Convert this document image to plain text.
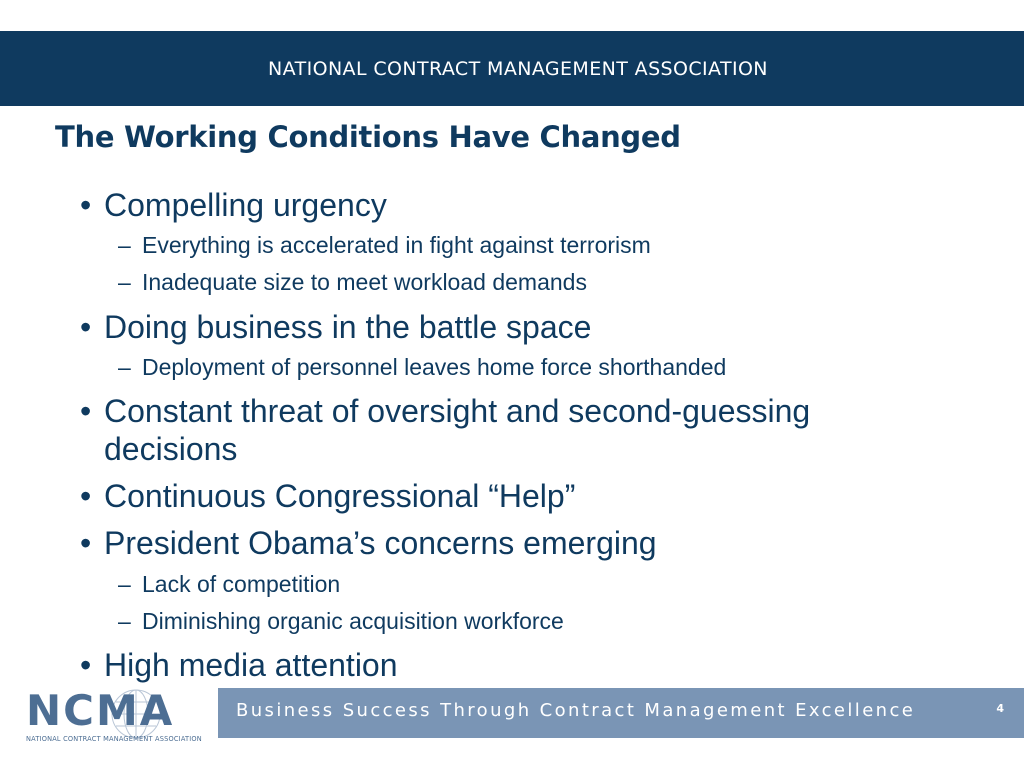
NATIONAL CONTRACT MANAGEMENT ASSOCIATION
The Working Conditions Have Changed
• Compelling urgency
– Everything is accelerated in fight against terrorism
– Inadequate size to meet workload demands
• Doing business in the battle space
– Deployment of personnel leaves home force shorthanded
• Constant threat of oversight and second-guessing decisions
• Continuous Congressional “Help”
• President Obama’s concerns emerging
– Lack of competition
– Diminishing organic acquisition workforce
• High media attention
Business Success Through Contract Management Excellence	4
NCMA
NATIONAL CONTRACT MANAGEMENT ASSOCIATION
